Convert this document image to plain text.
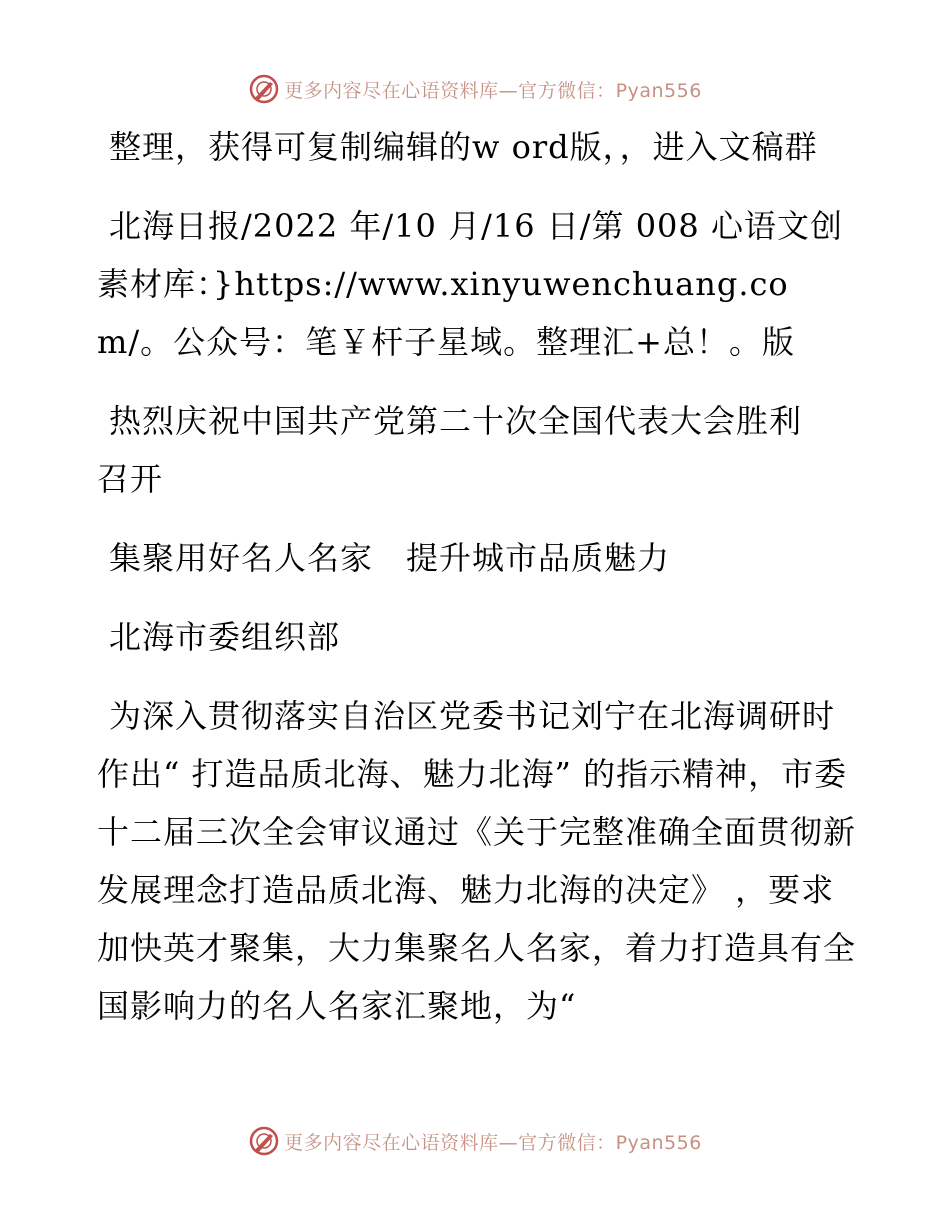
更多内容尽在心语资料库—官方微信：Pyan556

整理，获得可复制编辑的w ord版，，进入文稿群

北海日报/2022 年/10 月/16 日/第 008 心语文创素材库：}https://www.xinyuwenchuang.com/。公众号：笔￥杆子星域。整理汇+总！。版

热烈庆祝中国共产党第二十次全国代表大会胜利召开

集聚用好名人名家　提升城市品质魅力

北海市委组织部

为深入贯彻落实自治区党委书记刘宁在北海调研时作出“ 打造品质北海、魅力北海” 的指示精神，市委十二届三次全会审议通过《关于完整准确全面贯彻新发展理念打造品质北海、魅力北海的决定》 ，要求加快英才聚集，大力集聚名人名家，着力打造具有全国影响力的名人名家汇聚地，为“

更多内容尽在心语资料库—官方微信：Pyan556
